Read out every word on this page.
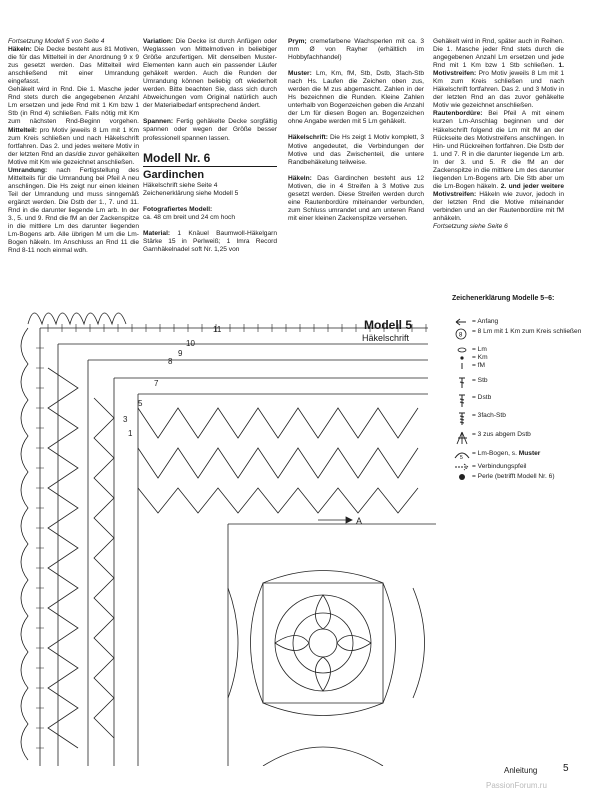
Fortsetzung Modell 5 von Seite 4

Häkeln: Die Decke besteht aus 81 Motiven, die für das Mittelteil in der Anordnung 9 x 9 zus gesetzt werden. Das Mittelteil wird anschließend mit einer Umrandung eingefasst.

Gehäkelt wird in Rnd. Die 1. Masche jeder Rnd stets durch die angegebenen Anzahl Lm ersetzen und jede Rnd mit 1 Km bzw 1 Stb (in Rnd 4) schließen. Falls nötig mit Km zum nächsten Rnd-Beginn vorgehen. Mittelteil: pro Motiv jeweils 8 Lm mit 1 Km zum Kreis schließen und nach Häkelschrift fortfahren. Das 2. und jedes weitere Motiv in der letzten Rnd an das/die zuvor gehäkelten Motive mit Km wie gezeichnet anschließen.

Umrandung: nach Fertigstellung des Mittelteils für die Umrandung bei Pfeil A neu anschlingen. Die Hs zeigt nur einen kleinen Teil der Umrandung und muss sinngemäß ergänzt werden. Die Dstb der 1., 7. und 11. Rnd in die darunter liegende Lm arb. In der 3., 5. und 9. Rnd die fM an der Zackenspitze in die mittlere Lm des darunter liegenden Lm-Bogens arb. Alle übrigen M um die Lm-Bogen häkeln. Im Anschluss an Rnd 11 die Rnd 8-11 noch einmal wdh.

Variation: Die Decke ist durch Anfügen oder Weglassen von Mittelmotiven in beliebiger Größe anzufertigen. Mit denselben Muster-Elementen kann auch ein passender Läufer gehäkelt werden. Auch die Runden der Umrandung können beliebig oft wiederholt werden. Bitte beachten Sie, dass sich durch Abweichungen vom Original natürlich auch der Materialbedarf entsprechend ändert.

Spannen: Fertig gehäkelte Decke sorgfältig spannen oder wegen der Größe besser professionell spannen lassen.

Modell Nr. 6

Gardinchen

Häkelschrift siehe Seite 4

Zeichenerklärung siehe Modell 5

Fotografiertes Modell:

ca. 48 cm breit und 24 cm hoch

Material: 1 Knäuel Baumwoll-Häkelgarn Stärke 15 in Perlweiß; 1 Imra Record Garnhäkelnadel soft Nr. 1,25 von

Prym; cremefarbene Wachsperlen mit ca. 3 mm Ø von Rayher (erhältlich im Hobbyfachhandel)

Muster: Lm, Km, fM, Stb, Dstb, 3fach-Stb nach Hs. Laufen die Zeichen oben zus, werden die M zus abgemascht. Zahlen in der Hs bezeichnen die Runden. Kleine Zahlen unterhalb von Bogenzeichen geben die Anzahl der Lm für diesen Bogen an. Bogenzeichen ohne Angabe werden mit 5 Lm gehäkelt.

Häkelschrift: Die Hs zeigt 1 Motiv komplett, 3 Motive angedeutet, die Verbindungen der Motive und das Zwischenteil, die untere Randbehäkelung teilweise.

Häkeln: Das Gardinchen besteht aus 12 Motiven, die in 4 Streifen à 3 Motive zus gesetzt werden. Diese Streifen werden durch eine Rautenbordüre miteinander verbunden, zum Schluss umrandet und am unteren Rand mit einer kleinen Zackenspitze versehen.

Gehäkelt wird in Rnd, später auch in Reihen. Die 1. Masche jeder Rnd stets durch die angegebenen Anzahl Lm ersetzen und jede Rnd mit 1 Km bzw 1 Stb schließen. 1. Motivstreifen: Pro Motiv jeweils 8 Lm mit 1 Km zum Kreis schließen und nach Häkelschrift fortfahren. Das 2. und 3 Motiv in der letzten Rnd an das zuvor gehäkelte Motiv wie gezeichnet anschließen.

Rautenbordüre: Bei Pfeil A mit einem kurzen Lm-Anschlag beginnen und der Häkelschrift folgend die Lm mit fM an der Rückseite des Motivstreifens anschlingen. In Hin- und Rückreihen fortfahren. Die Dstb der 1. und 7. R in die darunter liegende Lm arb. In der 3. und 5. R die fM an der Zackenspitze in die mittlere Lm des darunter liegenden Lm-Bogens arb. Die Stb aber um die Lm-Bogen häkeln. 2. und jeder weitere Motivstreifen: Häkeln wie zuvor, jedoch in der letzten Rnd die Motive miteinander verbinden und an der Rautenbordüre mit fM anhäkeln.

Fortsetzung siehe Seite 6

10
8
7
5
3
11
9
1
A
Modell 5
Häkelschrift
Zeichenerklärung Modelle 5–6:
= Anfang
8
= 8 Lm mit 1 Km zum Kreis schließen
= Lm
= Km
= fM
= Stb
= Dstb
= 3fach-Stb
= 3 zus abgem Dstb
5
= Lm-Bogen, s. Muster
= Verbindungspfeil
= Perle (betrifft Modell Nr. 6)
Anleitung	5
PassionForum.ru
